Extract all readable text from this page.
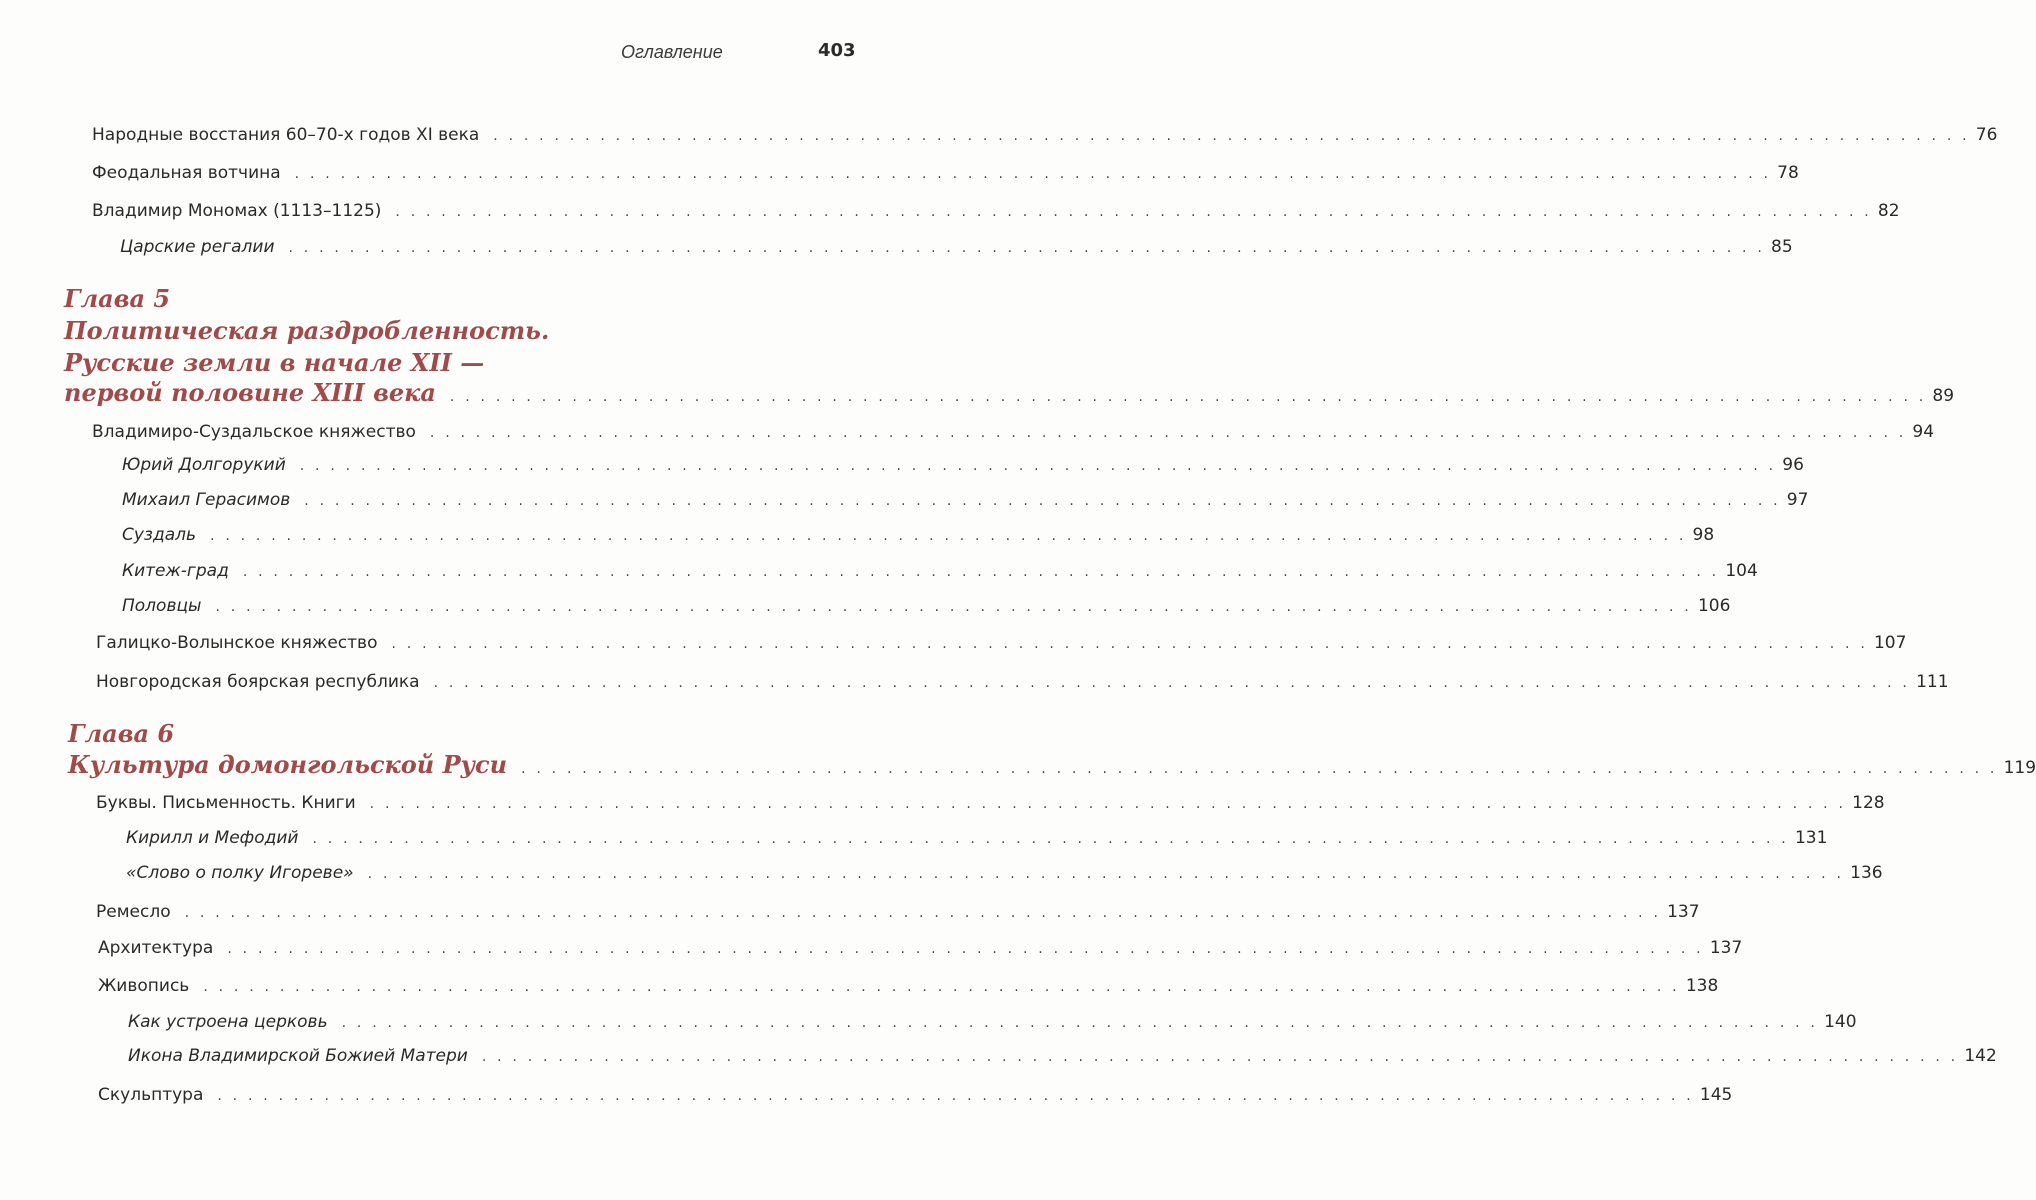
Оглавление	403
Народные восстания 60–70-х годов XI века . . . . . . . . . . . . . . . . . . . . . . . . . . . . . . . . . . . . . . . . . . . . . . . . . . . . . . . . . . . . . . . . . . . . . . . . . . . . . . . . . . . . . . . . . . . . . . . . . 76
Феодальная вотчина . . . . . . . . . . . . . . . . . . . . . . . . . . . . . . . . . . . . . . . . . . . . . . . . . . . . . . . . . . . . . . . . . . . . . . . . . . . . . . . . . . . . . . . . . . . . . . . . . 78
Владимир Мономах (1113–1125) . . . . . . . . . . . . . . . . . . . . . . . . . . . . . . . . . . . . . . . . . . . . . . . . . . . . . . . . . . . . . . . . . . . . . . . . . . . . . . . . . . . . . . . . . . . . . . . . . 82
Царские регалии . . . . . . . . . . . . . . . . . . . . . . . . . . . . . . . . . . . . . . . . . . . . . . . . . . . . . . . . . . . . . . . . . . . . . . . . . . . . . . . . . . . . . . . . . . . . . . . . . 85
Глава 5
Политическая раздробленность.
Русские земли в начале XII —
первой половине XIII века . . . . . . . . . . . . . . . . . . . . . . . . . . . . . . . . . . . . . . . . . . . . . . . . . . . . . . . . . . . . . . . . . . . . . . . . . . . . . . . . . . . . . . . . . . . . . . . . . 89
Владимиро-Суздальское княжество . . . . . . . . . . . . . . . . . . . . . . . . . . . . . . . . . . . . . . . . . . . . . . . . . . . . . . . . . . . . . . . . . . . . . . . . . . . . . . . . . . . . . . . . . . . . . . . . . 94
Юрий Долгорукий . . . . . . . . . . . . . . . . . . . . . . . . . . . . . . . . . . . . . . . . . . . . . . . . . . . . . . . . . . . . . . . . . . . . . . . . . . . . . . . . . . . . . . . . . . . . . . . . . 96
Михаил Герасимов . . . . . . . . . . . . . . . . . . . . . . . . . . . . . . . . . . . . . . . . . . . . . . . . . . . . . . . . . . . . . . . . . . . . . . . . . . . . . . . . . . . . . . . . . . . . . . . . . 97
Суздаль . . . . . . . . . . . . . . . . . . . . . . . . . . . . . . . . . . . . . . . . . . . . . . . . . . . . . . . . . . . . . . . . . . . . . . . . . . . . . . . . . . . . . . . . . . . . . . . . . 98
Китеж-град . . . . . . . . . . . . . . . . . . . . . . . . . . . . . . . . . . . . . . . . . . . . . . . . . . . . . . . . . . . . . . . . . . . . . . . . . . . . . . . . . . . . . . . . . . . . . . . . . 104
Половцы . . . . . . . . . . . . . . . . . . . . . . . . . . . . . . . . . . . . . . . . . . . . . . . . . . . . . . . . . . . . . . . . . . . . . . . . . . . . . . . . . . . . . . . . . . . . . . . . . 106
Галицко-Волынское княжество . . . . . . . . . . . . . . . . . . . . . . . . . . . . . . . . . . . . . . . . . . . . . . . . . . . . . . . . . . . . . . . . . . . . . . . . . . . . . . . . . . . . . . . . . . . . . . . . . 107
Новгородская боярская республика . . . . . . . . . . . . . . . . . . . . . . . . . . . . . . . . . . . . . . . . . . . . . . . . . . . . . . . . . . . . . . . . . . . . . . . . . . . . . . . . . . . . . . . . . . . . . . . . . 111
Глава 6
Культура домонгольской Руси . . . . . . . . . . . . . . . . . . . . . . . . . . . . . . . . . . . . . . . . . . . . . . . . . . . . . . . . . . . . . . . . . . . . . . . . . . . . . . . . . . . . . . . . . . . . . . . . . 119
Буквы. Письменность. Книги . . . . . . . . . . . . . . . . . . . . . . . . . . . . . . . . . . . . . . . . . . . . . . . . . . . . . . . . . . . . . . . . . . . . . . . . . . . . . . . . . . . . . . . . . . . . . . . . . 128
Кирилл и Мефодий . . . . . . . . . . . . . . . . . . . . . . . . . . . . . . . . . . . . . . . . . . . . . . . . . . . . . . . . . . . . . . . . . . . . . . . . . . . . . . . . . . . . . . . . . . . . . . . . . 131
«Слово о полку Игореве» . . . . . . . . . . . . . . . . . . . . . . . . . . . . . . . . . . . . . . . . . . . . . . . . . . . . . . . . . . . . . . . . . . . . . . . . . . . . . . . . . . . . . . . . . . . . . . . . . 136
Ремесло . . . . . . . . . . . . . . . . . . . . . . . . . . . . . . . . . . . . . . . . . . . . . . . . . . . . . . . . . . . . . . . . . . . . . . . . . . . . . . . . . . . . . . . . . . . . . . . . . 137
Архитектура . . . . . . . . . . . . . . . . . . . . . . . . . . . . . . . . . . . . . . . . . . . . . . . . . . . . . . . . . . . . . . . . . . . . . . . . . . . . . . . . . . . . . . . . . . . . . . . . . 137
Живопись . . . . . . . . . . . . . . . . . . . . . . . . . . . . . . . . . . . . . . . . . . . . . . . . . . . . . . . . . . . . . . . . . . . . . . . . . . . . . . . . . . . . . . . . . . . . . . . . . 138
Как устроена церковь . . . . . . . . . . . . . . . . . . . . . . . . . . . . . . . . . . . . . . . . . . . . . . . . . . . . . . . . . . . . . . . . . . . . . . . . . . . . . . . . . . . . . . . . . . . . . . . . . 140
Икона Владимирской Божией Матери . . . . . . . . . . . . . . . . . . . . . . . . . . . . . . . . . . . . . . . . . . . . . . . . . . . . . . . . . . . . . . . . . . . . . . . . . . . . . . . . . . . . . . . . . . . . . . . . . 142
Скульптура . . . . . . . . . . . . . . . . . . . . . . . . . . . . . . . . . . . . . . . . . . . . . . . . . . . . . . . . . . . . . . . . . . . . . . . . . . . . . . . . . . . . . . . . . . . . . . . . . 145
